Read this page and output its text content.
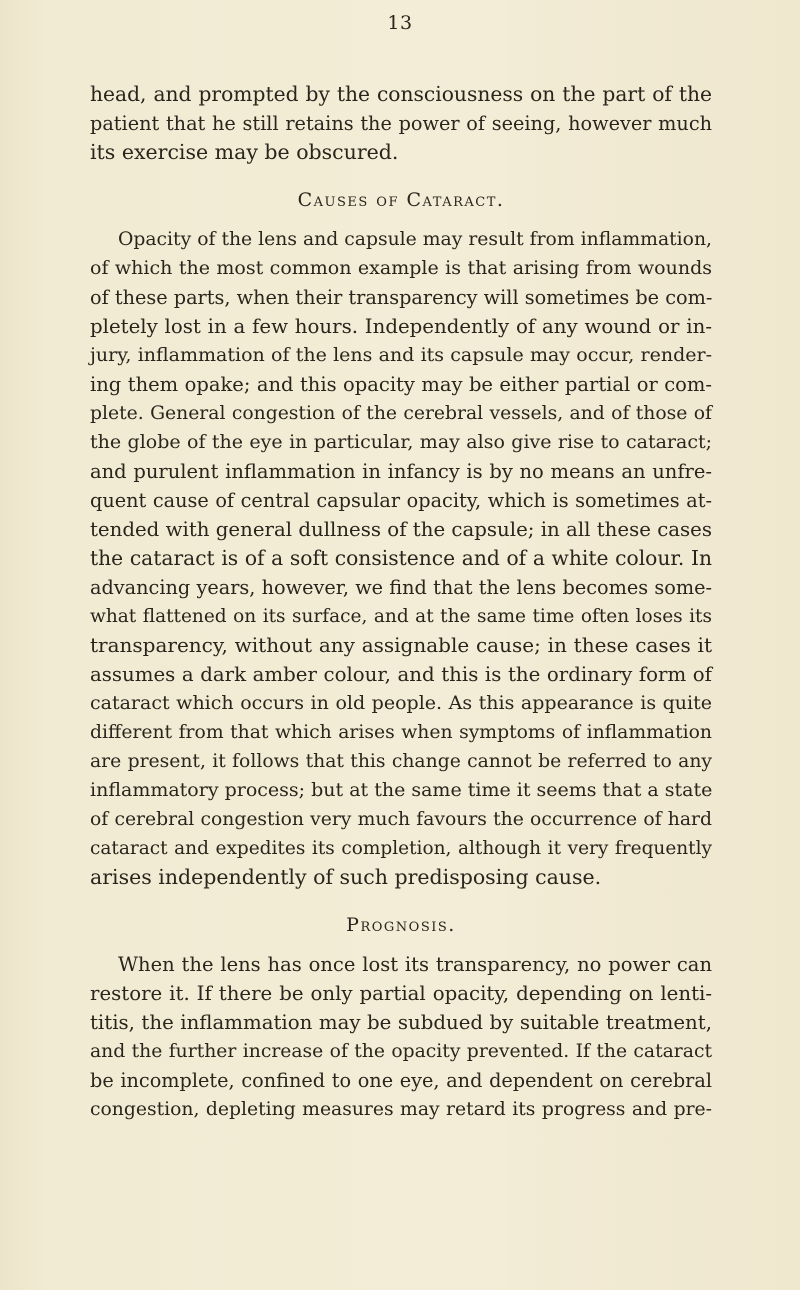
13
head, and prompted by the consciousness on the part of the
patient that he still retains the power of seeing, however much
its exercise may be obscured.
Causes of Cataract.
Opacity of the lens and capsule may result from inflammation,
of which the most common example is that arising from wounds
of these parts, when their transparency will sometimes be com-
pletely lost in a few hours. Independently of any wound or in-
jury, inflammation of the lens and its capsule may occur, render-
ing them opake; and this opacity may be either partial or com-
plete. General congestion of the cerebral vessels, and of those of
the globe of the eye in particular, may also give rise to cataract;
and purulent inflammation in infancy is by no means an unfre-
quent cause of central capsular opacity, which is sometimes at-
tended with general dullness of the capsule; in all these cases
the cataract is of a soft consistence and of a white colour. In
advancing years, however, we find that the lens becomes some-
what flattened on its surface, and at the same time often loses its
transparency, without any assignable cause; in these cases it
assumes a dark amber colour, and this is the ordinary form of
cataract which occurs in old people. As this appearance is quite
different from that which arises when symptoms of inflammation
are present, it follows that this change cannot be referred to any
inflammatory process; but at the same time it seems that a state
of cerebral congestion very much favours the occurrence of hard
cataract and expedites its completion, although it very frequently
arises independently of such predisposing cause.
Prognosis.
When the lens has once lost its transparency, no power can
restore it. If there be only partial opacity, depending on lenti-
titis, the inflammation may be subdued by suitable treatment,
and the further increase of the opacity prevented. If the cataract
be incomplete, confined to one eye, and dependent on cerebral
congestion, depleting measures may retard its progress and pre-
